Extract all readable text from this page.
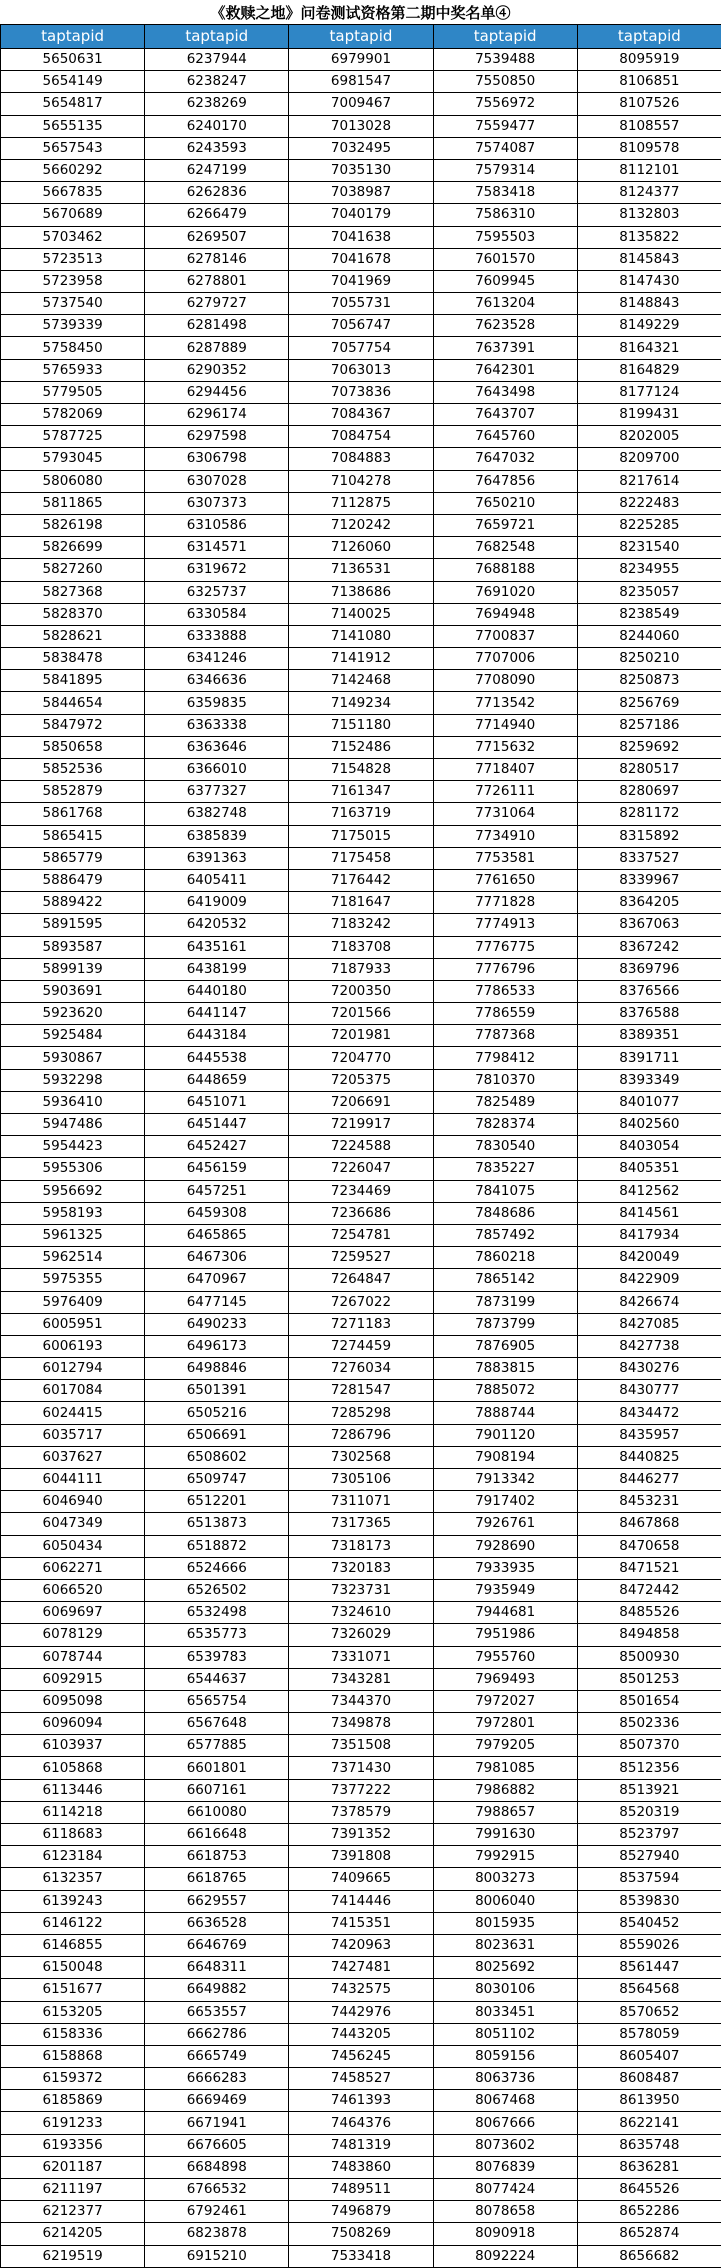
《救赎之地》问卷测试资格第二期中奖名单④
taptapid	taptapid	taptapid	taptapid	taptapid
5650631	6237944	6979901	7539488	8095919
5654149	6238247	6981547	7550850	8106851
5654817	6238269	7009467	7556972	8107526
5655135	6240170	7013028	7559477	8108557
5657543	6243593	7032495	7574087	8109578
5660292	6247199	7035130	7579314	8112101
5667835	6262836	7038987	7583418	8124377
5670689	6266479	7040179	7586310	8132803
5703462	6269507	7041638	7595503	8135822
5723513	6278146	7041678	7601570	8145843
5723958	6278801	7041969	7609945	8147430
5737540	6279727	7055731	7613204	8148843
5739339	6281498	7056747	7623528	8149229
5758450	6287889	7057754	7637391	8164321
5765933	6290352	7063013	7642301	8164829
5779505	6294456	7073836	7643498	8177124
5782069	6296174	7084367	7643707	8199431
5787725	6297598	7084754	7645760	8202005
5793045	6306798	7084883	7647032	8209700
5806080	6307028	7104278	7647856	8217614
5811865	6307373	7112875	7650210	8222483
5826198	6310586	7120242	7659721	8225285
5826699	6314571	7126060	7682548	8231540
5827260	6319672	7136531	7688188	8234955
5827368	6325737	7138686	7691020	8235057
5828370	6330584	7140025	7694948	8238549
5828621	6333888	7141080	7700837	8244060
5838478	6341246	7141912	7707006	8250210
5841895	6346636	7142468	7708090	8250873
5844654	6359835	7149234	7713542	8256769
5847972	6363338	7151180	7714940	8257186
5850658	6363646	7152486	7715632	8259692
5852536	6366010	7154828	7718407	8280517
5852879	6377327	7161347	7726111	8280697
5861768	6382748	7163719	7731064	8281172
5865415	6385839	7175015	7734910	8315892
5865779	6391363	7175458	7753581	8337527
5886479	6405411	7176442	7761650	8339967
5889422	6419009	7181647	7771828	8364205
5891595	6420532	7183242	7774913	8367063
5893587	6435161	7183708	7776775	8367242
5899139	6438199	7187933	7776796	8369796
5903691	6440180	7200350	7786533	8376566
5923620	6441147	7201566	7786559	8376588
5925484	6443184	7201981	7787368	8389351
5930867	6445538	7204770	7798412	8391711
5932298	6448659	7205375	7810370	8393349
5936410	6451071	7206691	7825489	8401077
5947486	6451447	7219917	7828374	8402560
5954423	6452427	7224588	7830540	8403054
5955306	6456159	7226047	7835227	8405351
5956692	6457251	7234469	7841075	8412562
5958193	6459308	7236686	7848686	8414561
5961325	6465865	7254781	7857492	8417934
5962514	6467306	7259527	7860218	8420049
5975355	6470967	7264847	7865142	8422909
5976409	6477145	7267022	7873199	8426674
6005951	6490233	7271183	7873799	8427085
6006193	6496173	7274459	7876905	8427738
6012794	6498846	7276034	7883815	8430276
6017084	6501391	7281547	7885072	8430777
6024415	6505216	7285298	7888744	8434472
6035717	6506691	7286796	7901120	8435957
6037627	6508602	7302568	7908194	8440825
6044111	6509747	7305106	7913342	8446277
6046940	6512201	7311071	7917402	8453231
6047349	6513873	7317365	7926761	8467868
6050434	6518872	7318173	7928690	8470658
6062271	6524666	7320183	7933935	8471521
6066520	6526502	7323731	7935949	8472442
6069697	6532498	7324610	7944681	8485526
6078129	6535773	7326029	7951986	8494858
6078744	6539783	7331071	7955760	8500930
6092915	6544637	7343281	7969493	8501253
6095098	6565754	7344370	7972027	8501654
6096094	6567648	7349878	7972801	8502336
6103937	6577885	7351508	7979205	8507370
6105868	6601801	7371430	7981085	8512356
6113446	6607161	7377222	7986882	8513921
6114218	6610080	7378579	7988657	8520319
6118683	6616648	7391352	7991630	8523797
6123184	6618753	7391808	7992915	8527940
6132357	6618765	7409665	8003273	8537594
6139243	6629557	7414446	8006040	8539830
6146122	6636528	7415351	8015935	8540452
6146855	6646769	7420963	8023631	8559026
6150048	6648311	7427481	8025692	8561447
6151677	6649882	7432575	8030106	8564568
6153205	6653557	7442976	8033451	8570652
6158336	6662786	7443205	8051102	8578059
6158868	6665749	7456245	8059156	8605407
6159372	6666283	7458527	8063736	8608487
6185869	6669469	7461393	8067468	8613950
6191233	6671941	7464376	8067666	8622141
6193356	6676605	7481319	8073602	8635748
6201187	6684898	7483860	8076839	8636281
6211197	6766532	7489511	8077424	8645526
6212377	6792461	7496879	8078658	8652286
6214205	6823878	7508269	8090918	8652874
6219519	6915210	7533418	8092224	8656682
